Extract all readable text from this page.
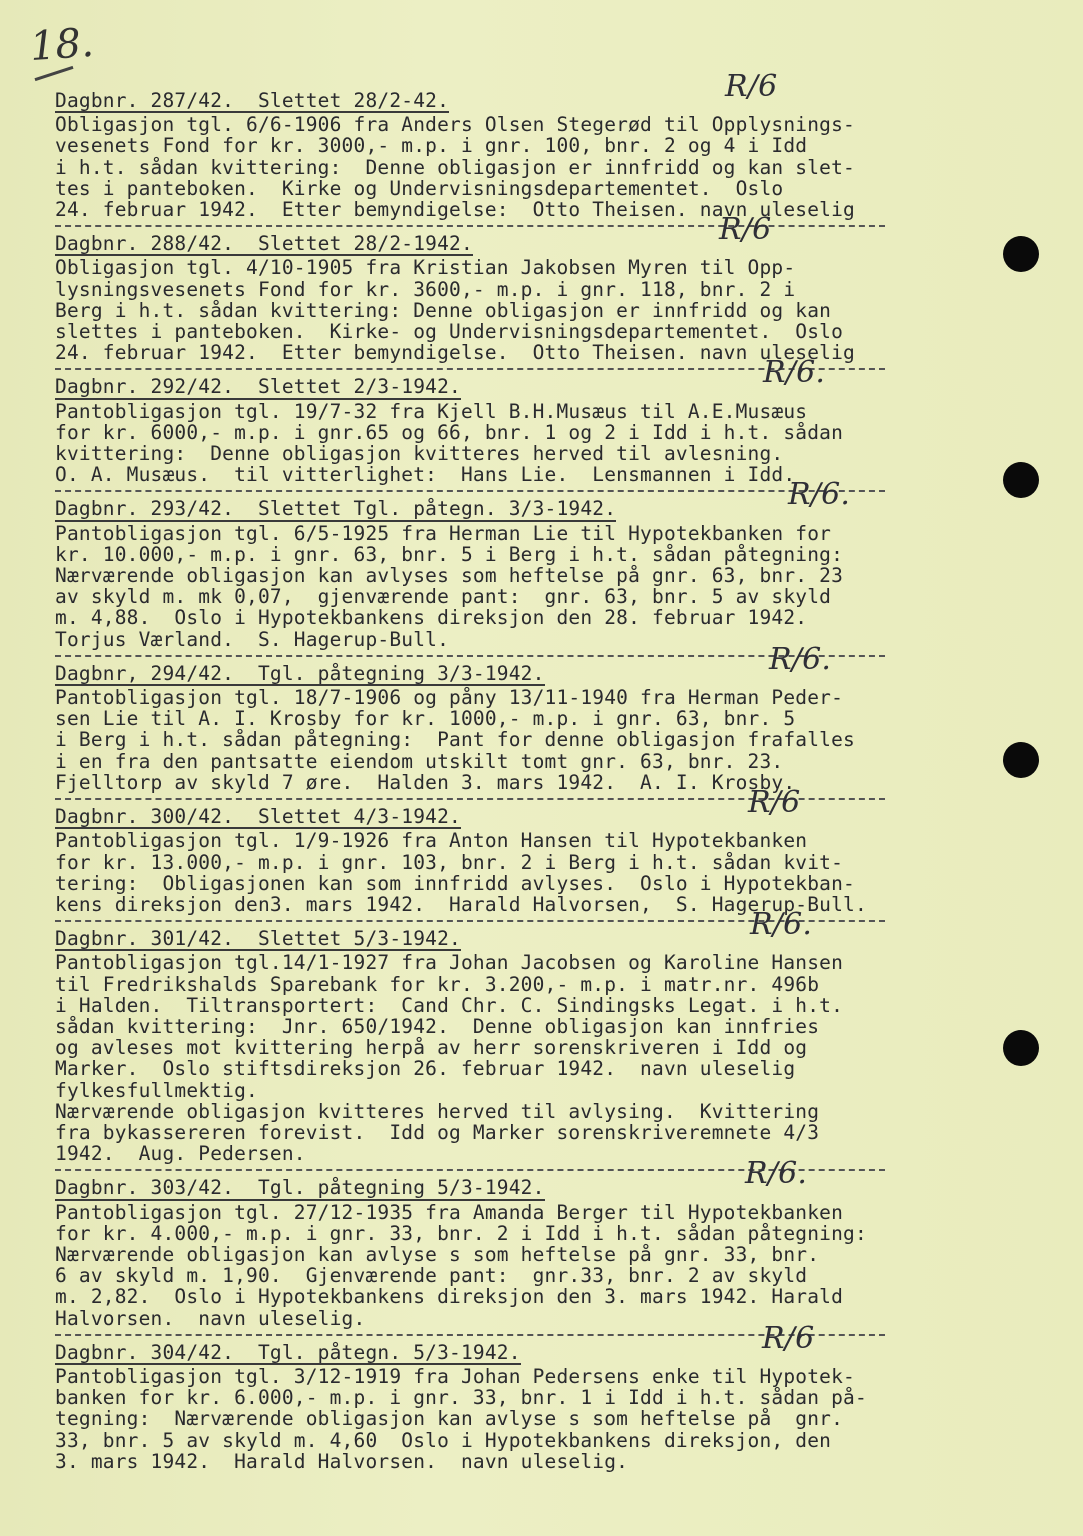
18.
Dagbnr. 287/42.  Slettet 28/2-42.	R/6
Obligasjon tgl. 6/6-1906 fra Anders Olsen Stegerød til Opplysnings-
vesenets Fond for kr. 3000,- m.p. i gnr. 100, bnr. 2 og 4 i Idd
i h.t. sådan kvittering:  Denne obligasjon er innfridd og kan slet-
tes i panteboken.  Kirke og Undervisningsdepartementet.  Oslo
24. februar 1942.  Etter bemyndigelse:  Otto Theisen. navn uleselig
Dagbnr. 288/42.  Slettet 28/2-1942.	R/6
Obligasjon tgl. 4/10-1905 fra Kristian Jakobsen Myren til Opp-
lysningsvesenets Fond for kr. 3600,- m.p. i gnr. 118, bnr. 2 i
Berg i h.t. sådan kvittering: Denne obligasjon er innfridd og kan
slettes i panteboken.  Kirke- og Undervisningsdepartementet.  Oslo
24. februar 1942.  Etter bemyndigelse.  Otto Theisen. navn uleselig
Dagbnr. 292/42.  Slettet 2/3-1942.	R/6.
Pantobligasjon tgl. 19/7-32 fra Kjell B.H.Musæus til A.E.Musæus
for kr. 6000,- m.p. i gnr.65 og 66, bnr. 1 og 2 i Idd i h.t. sådan
kvittering:  Denne obligasjon kvitteres herved til avlesning.
O. A. Musæus.  til vitterlighet:  Hans Lie.  Lensmannen i Idd.
Dagbnr. 293/42.  Slettet Tgl. påtegn. 3/3-1942.	R/6.
Pantobligasjon tgl. 6/5-1925 fra Herman Lie til Hypotekbanken for
kr. 10.000,- m.p. i gnr. 63, bnr. 5 i Berg i h.t. sådan påtegning:
Nærværende obligasjon kan avlyses som heftelse på gnr. 63, bnr. 23
av skyld m. mk 0,07,  gjenværende pant:  gnr. 63, bnr. 5 av skyld
m. 4,88.  Oslo i Hypotekbankens direksjon den 28. februar 1942.
Torjus Værland.  S. Hagerup-Bull.
Dagbnr, 294/42.  Tgl. påtegning 3/3-1942.	R/6.
Pantobligasjon tgl. 18/7-1906 og påny 13/11-1940 fra Herman Peder-
sen Lie til A. I. Krosby for kr. 1000,- m.p. i gnr. 63, bnr. 5
i Berg i h.t. sådan påtegning:  Pant for denne obligasjon frafalles
i en fra den pantsatte eiendom utskilt tomt gnr. 63, bnr. 23.
Fjelltorp av skyld 7 øre.  Halden 3. mars 1942.  A. I. Krosby.
Dagbnr. 300/42.  Slettet 4/3-1942.	R/6
Pantobligasjon tgl. 1/9-1926 fra Anton Hansen til Hypotekbanken
for kr. 13.000,- m.p. i gnr. 103, bnr. 2 i Berg i h.t. sådan kvit-
tering:  Obligasjonen kan som innfridd avlyses.  Oslo i Hypotekban-
kens direksjon den3. mars 1942.  Harald Halvorsen,  S. Hagerup-Bull.
Dagbnr. 301/42.  Slettet 5/3-1942.	R/6.
Pantobligasjon tgl.14/1-1927 fra Johan Jacobsen og Karoline Hansen
til Fredrikshalds Sparebank for kr. 3.200,- m.p. i matr.nr. 496b
i Halden.  Tiltransportert:  Cand Chr. C. Sindingsks Legat. i h.t.
sådan kvittering:  Jnr. 650/1942.  Denne obligasjon kan innfries
og avleses mot kvittering herpå av herr sorenskriveren i Idd og
Marker.  Oslo stiftsdireksjon 26. februar 1942.  navn uleselig
fylkesfullmektig.
Nærværende obligasjon kvitteres herved til avlysing.  Kvittering
fra bykassereren forevist.  Idd og Marker sorenskriveremnete 4/3
1942.  Aug. Pedersen.
Dagbnr. 303/42.  Tgl. påtegning 5/3-1942.	R/6.
Pantobligasjon tgl. 27/12-1935 fra Amanda Berger til Hypotekbanken
for kr. 4.000,- m.p. i gnr. 33, bnr. 2 i Idd i h.t. sådan påtegning:
Nærværende obligasjon kan avlyse s som heftelse på gnr. 33, bnr.
6 av skyld m. 1,90.  Gjenværende pant:  gnr.33, bnr. 2 av skyld
m. 2,82.  Oslo i Hypotekbankens direksjon den 3. mars 1942. Harald
Halvorsen.  navn uleselig.
Dagbnr. 304/42.  Tgl. påtegn. 5/3-1942.	R/6
Pantobligasjon tgl. 3/12-1919 fra Johan Pedersens enke til Hypotek-
banken for kr. 6.000,- m.p. i gnr. 33, bnr. 1 i Idd i h.t. sådan på-
tegning:  Nærværende obligasjon kan avlyse s som heftelse på  gnr.
33, bnr. 5 av skyld m. 4,60  Oslo i Hypotekbankens direksjon, den
3. mars 1942.  Harald Halvorsen.  navn uleselig.
